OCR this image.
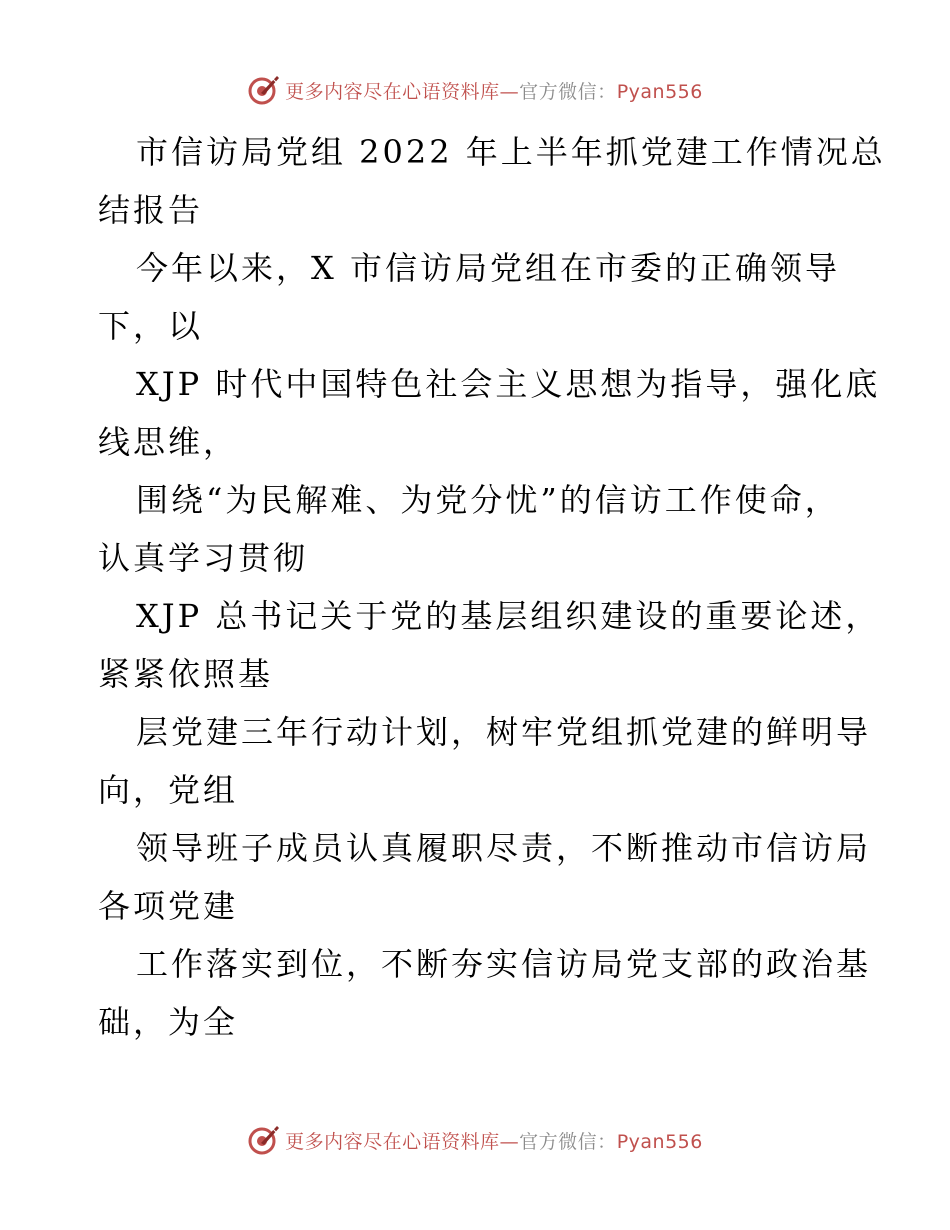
更多内容尽在心语资料库—官方微信：Pyan556
市信访局党组 2022 年上半年抓党建工作情况总
结报告
今年以来，X 市信访局党组在市委的正确领导
下，以
XJP 时代中国特色社会主义思想为指导，强化底
线思维，
围绕“为民解难、为党分忧”的信访工作使命，
认真学习贯彻
XJP 总书记关于党的基层组织建设的重要论述，
紧紧依照基
层党建三年行动计划，树牢党组抓党建的鲜明导
向，党组
领导班子成员认真履职尽责，不断推动市信访局
各项党建
工作落实到位，不断夯实信访局党支部的政治基
础，为全
更多内容尽在心语资料库—官方微信：Pyan556
